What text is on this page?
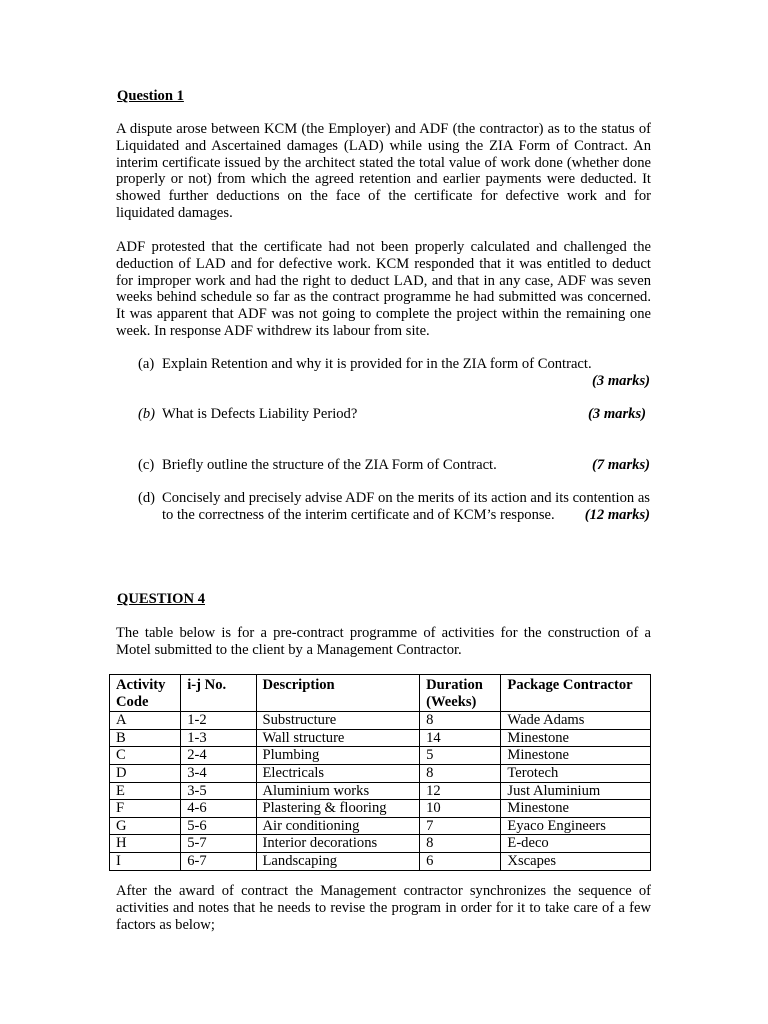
Question 1

A dispute arose between KCM (the Employer) and ADF (the contractor) as to the status of Liquidated and Ascertained damages (LAD) while using the ZIA Form of Contract. An interim certificate issued by the architect stated the total value of work done (whether done properly or not) from which the agreed retention and earlier payments were deducted. It showed further deductions on the face of the certificate for defective work and for liquidated damages.

ADF protested that the certificate had not been properly calculated and challenged the deduction of LAD and for defective work. KCM responded that it was entitled to deduct for improper work and had the right to deduct LAD, and that in any case, ADF was seven weeks behind schedule so far as the contract programme he had submitted was concerned. It was apparent that ADF was not going to complete the project within the remaining one week. In response ADF withdrew its labour from site.

(a) Explain Retention and why it is provided for in the ZIA form of Contract.
(3 marks)
(b) What is Defects Liability Period?	(3 marks)
(c) Briefly outline the structure of the ZIA Form of Contract.	(7 marks)
(d) Concisely and precisely advise ADF on the merits of its action and its contention as to the correctness of the interim certificate and of KCM’s response. (12 marks)
QUESTION 4

The table below is for a pre-contract programme of activities for the construction of a Motel submitted to the client by a Management Contractor.

Activity Code	i-j No.	Description	Duration (Weeks)	Package Contractor
A	1-2	Substructure	8	Wade Adams
B	1-3	Wall structure	14	Minestone
C	2-4	Plumbing	5	Minestone
D	3-4	Electricals	8	Terotech
E	3-5	Aluminium works	12	Just Aluminium
F	4-6	Plastering & flooring	10	Minestone
G	5-6	Air conditioning	7	Eyaco Engineers
H	5-7	Interior decorations	8	E-deco
I	6-7	Landscaping	6	Xscapes

After the award of contract the Management contractor synchronizes the sequence of activities and notes that he needs to revise the program in order for it to take care of a few factors as below;
